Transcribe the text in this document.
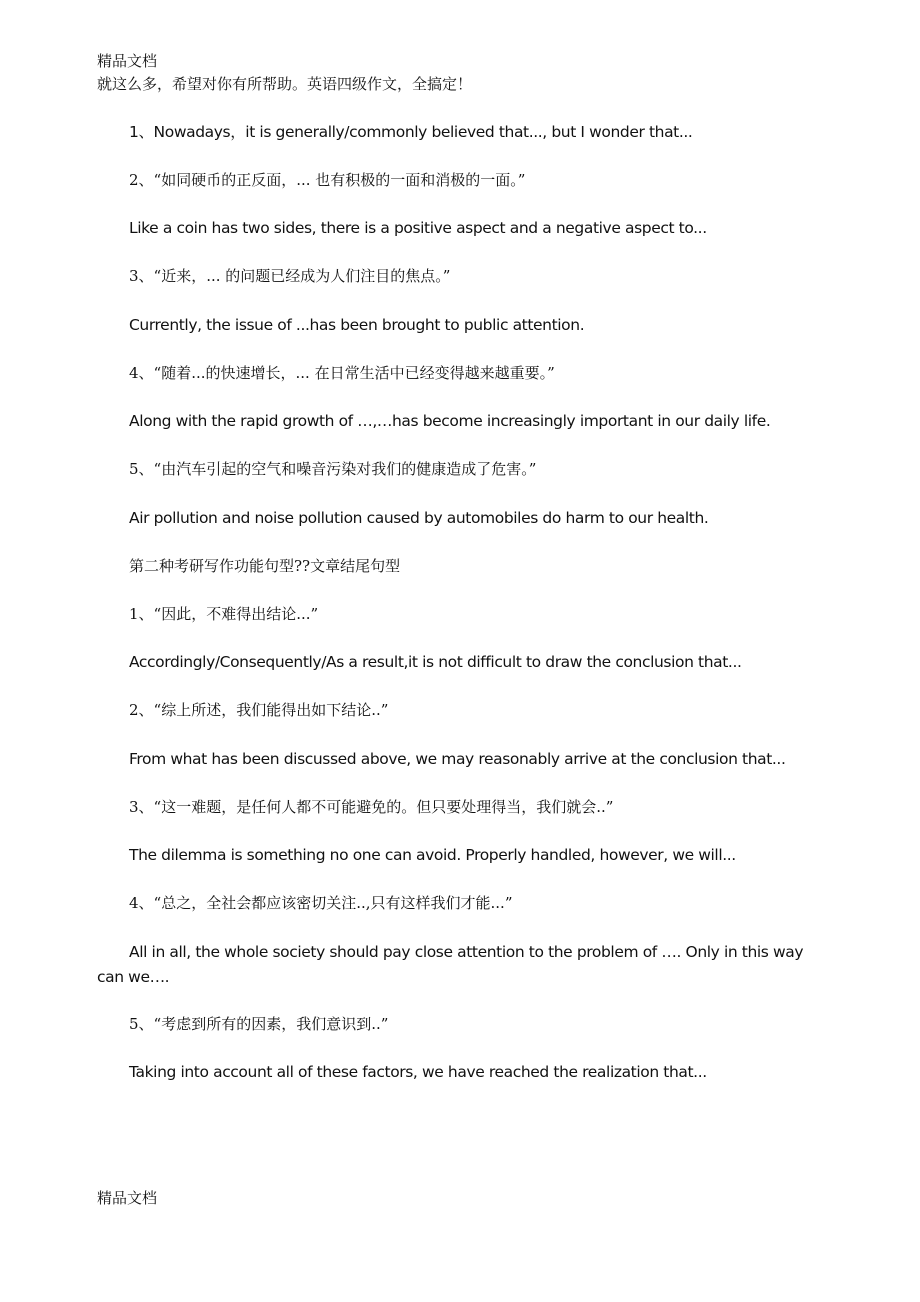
精品文档
就这么多，希望对你有所帮助。英语四级作文，全搞定！
1、Nowadays，it is generally/commonly believed that..., but I wonder that...
2、“如同硬币的正反面，... 也有积极的一面和消极的一面。”
Like a coin has two sides, there is a positive aspect and a negative aspect to...
3、“近来，... 的问题已经成为人们注目的焦点。”
Currently, the issue of ...has been brought to public attention.
4、“随着...的快速增长，... 在日常生活中已经变得越来越重要。”
Along with the rapid growth of …,…has become increasingly important in our daily life.
5、“由汽车引起的空气和噪音污染对我们的健康造成了危害。”
Air pollution and noise pollution caused by automobiles do harm to our health.
第二种考研写作功能句型??文章结尾句型
1、“因此，不难得出结论...”
Accordingly/Consequently/As a result,it is not difficult to draw the conclusion that...
2、“综上所述，我们能得出如下结论..”
From what has been discussed above, we may reasonably arrive at the conclusion that...
3、“这一难题，是任何人都不可能避免的。但只要处理得当，我们就会..”
The dilemma is something no one can avoid. Properly handled, however, we will...
4、“总之，全社会都应该密切关注..,只有这样我们才能...”
All in all, the whole society should pay close attention to the problem of …. Only in this way can we….
5、“考虑到所有的因素，我们意识到..”
Taking into account all of these factors, we have reached the realization that...
精品文档
